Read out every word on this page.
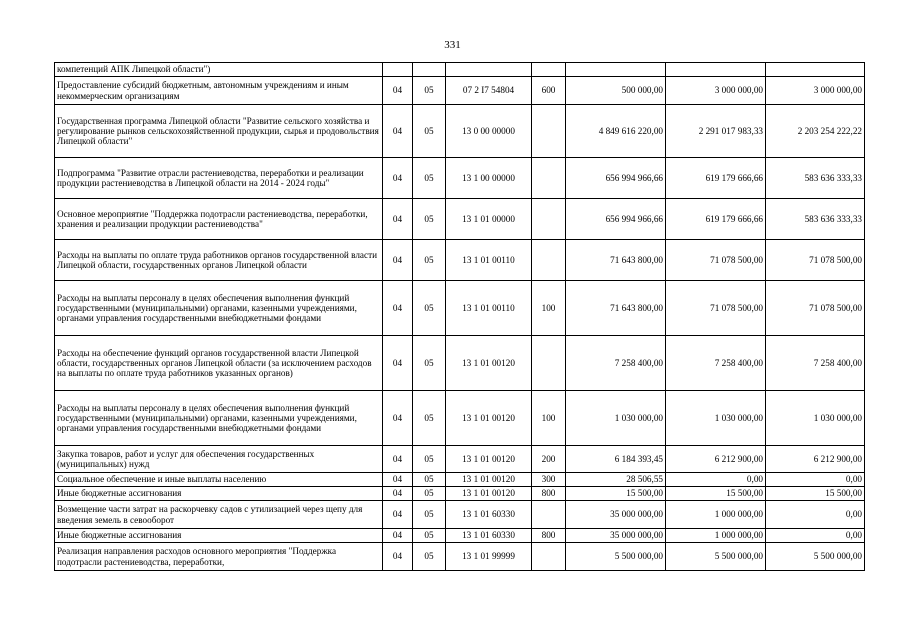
331
компетенций АПК Липецкой области")							
Предоставление субсидий бюджетным, автономным учреждениям и иным некоммерческим организациям	04	05	07 2 I7 54804	600	500 000,00	3 000 000,00	3 000 000,00
Государственная программа Липецкой области "Развитие сельского хозяйства и регулирование рынков сельскохозяйственной продукции, сырья и продовольствия Липецкой области"	04	05	13 0 00 00000		4 849 616 220,00	2 291 017 983,33	2 203 254 222,22
Подпрограмма "Развитие отрасли растениеводства, переработки и реализации продукции растениеводства в Липецкой области на 2014 - 2024 годы"	04	05	13 1 00 00000		656 994 966,66	619 179 666,66	583 636 333,33
Основное мероприятие "Поддержка подотрасли растениеводства, переработки, хранения и реализации продукции растениеводства"	04	05	13 1 01 00000		656 994 966,66	619 179 666,66	583 636 333,33
Расходы на выплаты по оплате труда работников органов государственной власти Липецкой области, государственных органов Липецкой области	04	05	13 1 01 00110		71 643 800,00	71 078 500,00	71 078 500,00
Расходы на выплаты персоналу в целях обеспечения выполнения функций государственными (муниципальными) органами, казенными учреждениями, органами управления государственными внебюджетными фондами	04	05	13 1 01 00110	100	71 643 800,00	71 078 500,00	71 078 500,00
Расходы на обеспечение функций органов государственной власти Липецкой области, государственных органов Липецкой области (за исключением расходов на выплаты по оплате труда работников указанных органов)	04	05	13 1 01 00120		7 258 400,00	7 258 400,00	7 258 400,00
Расходы на выплаты персоналу в целях обеспечения выполнения функций государственными (муниципальными) органами, казенными учреждениями, органами управления государственными внебюджетными фондами	04	05	13 1 01 00120	100	1 030 000,00	1 030 000,00	1 030 000,00
Закупка товаров, работ и услуг для обеспечения государственных (муниципальных) нужд	04	05	13 1 01 00120	200	6 184 393,45	6 212 900,00	6 212 900,00
Социальное обеспечение и иные выплаты населению	04	05	13 1 01 00120	300	28 506,55	0,00	0,00
Иные бюджетные ассигнования	04	05	13 1 01 00120	800	15 500,00	15 500,00	15 500,00
Возмещение части затрат на раскорчевку садов с утилизацией через щепу для введения земель в севооборот	04	05	13 1 01 60330		35 000 000,00	1 000 000,00	0,00
Иные бюджетные ассигнования	04	05	13 1 01 60330	800	35 000 000,00	1 000 000,00	0,00
Реализация направления расходов основного мероприятия "Поддержка подотрасли растениеводства, переработки,	04	05	13 1 01 99999		5 500 000,00	5 500 000,00	5 500 000,00
